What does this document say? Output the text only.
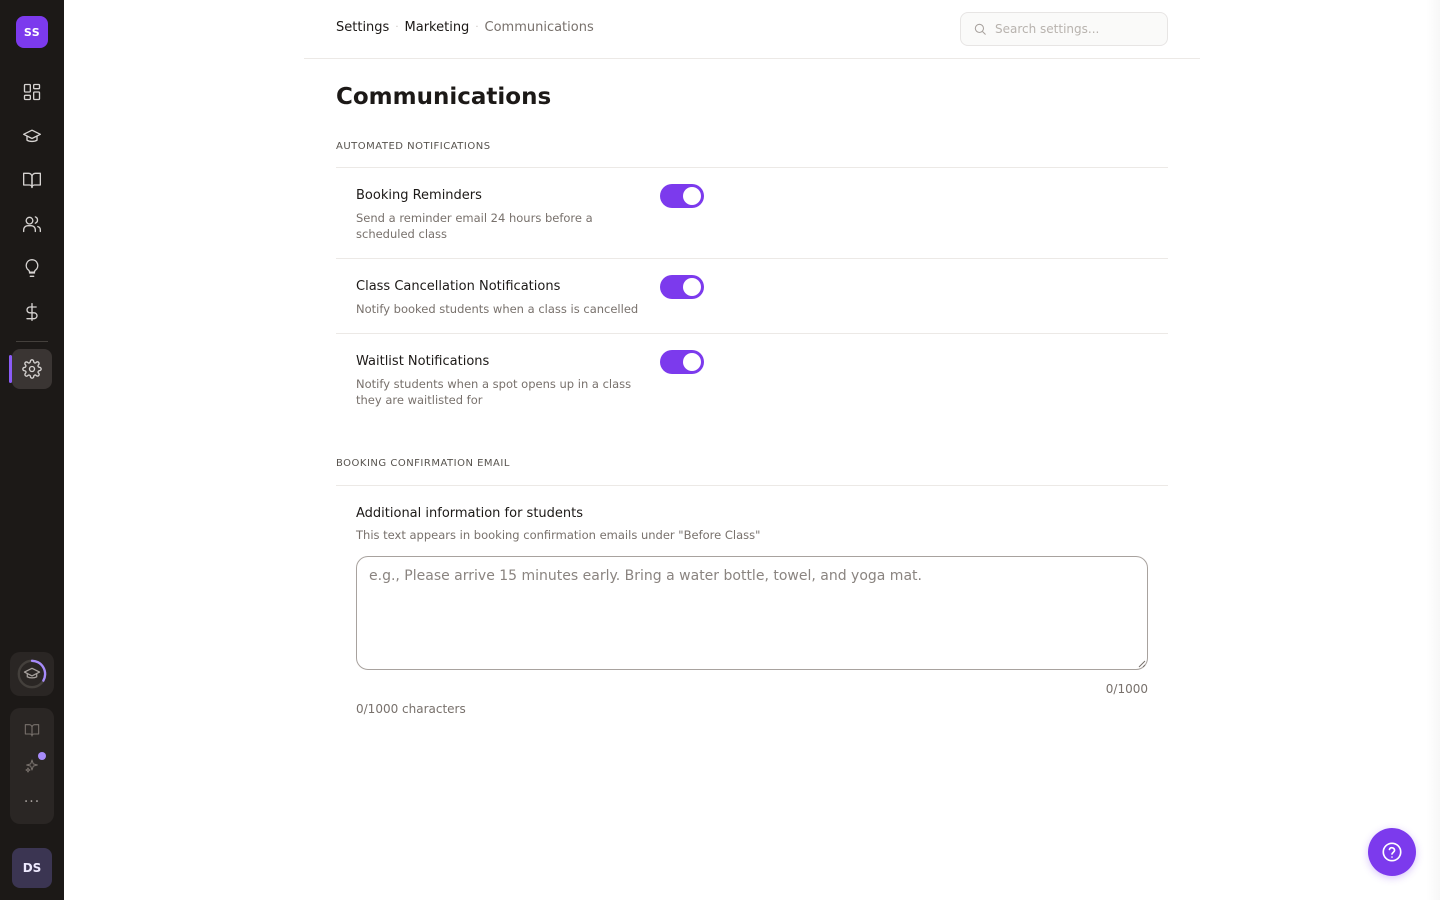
SS
···
DS
Settings · Marketing · Communications
Search settings...
Communications
AUTOMATED NOTIFICATIONS
Booking Reminders
Send a reminder email 24 hours before a scheduled class
Class Cancellation Notifications
Notify booked students when a class is cancelled
Waitlist Notifications
Notify students when a spot opens up in a class they are waitlisted for
BOOKING CONFIRMATION EMAIL
Additional information for students
This text appears in booking confirmation emails under "Before Class"
e.g., Please arrive 15 minutes early. Bring a water bottle, towel, and yoga mat.
0/1000
0/1000 characters
